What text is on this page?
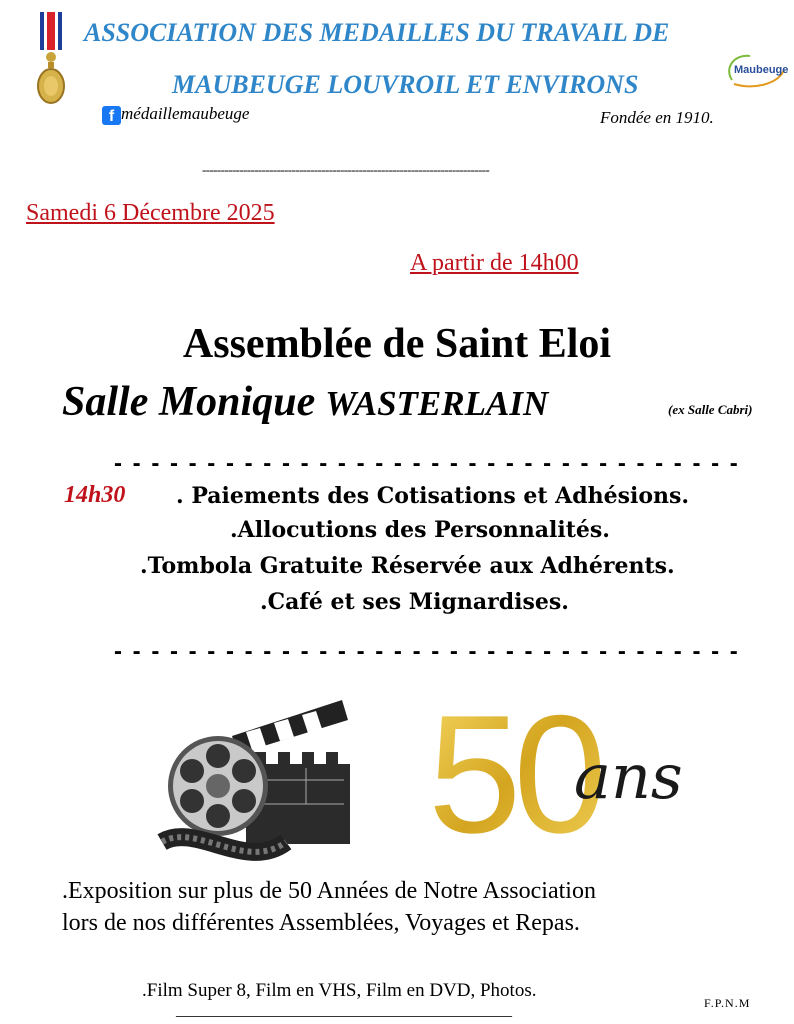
ASSOCIATION DES MEDAILLES DU TRAVAIL DE
MAUBEUGE LOUVROIL ET ENVIRONS	Maubeuge
f médaillemaubeuge	Fondée en 1910.
-----------------------------------------------------------------------------
Samedi 6 Décembre 2025
A partir de 14h00
Assemblée de Saint Eloi
Salle Monique WASTERLAIN	(ex Salle Cabri)
- - - - - - - - - - - - - - - - - - - - - - - - - - - - - - - - - -
14h30 . Paiements des Cotisations et Adhésions.
.Allocutions des Personnalités.
.Tombola Gratuite Réservée aux Adhérents.
.Café et ses Mignardises.
- - - - - - - - - - - - - - - - - - - - - - - - - - - - - - - - - -
50
ans
.Exposition sur plus de 50 Années de Notre Association
lors de nos différentes Assemblées, Voyages et Repas.
.Film Super 8, Film en VHS, Film en DVD, Photos.
F.P.N.M
__________________________________________
